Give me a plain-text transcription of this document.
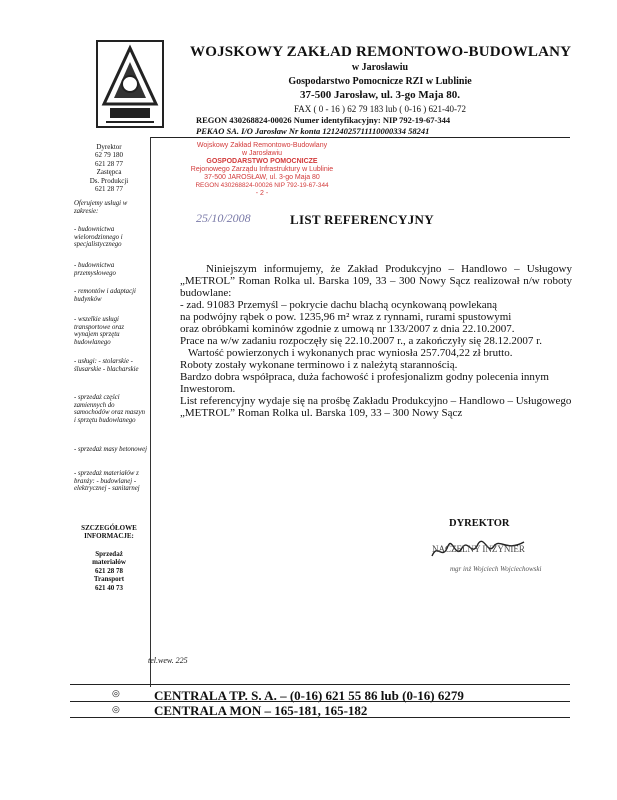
WOJSKOWY ZAKŁAD REMONTOWO-BUDOWLANY
w Jarosławiu
Gospodarstwo Pomocnicze RZI w Lublinie
37-500 Jarosław, ul. 3-go Maja 80.
FAX ( 0 - 16 ) 62 79 183 lub ( 0-16 ) 621-40-72
REGON 430268824-00026 Numer identyfikacyjny: NIP 792-19-67-344
PEKAO SA. I/O Jarosław Nr konta 12124025711110000334 58241
Dyrektor
62 79 180
621 28 77
Zastępca
Ds. Produkcji
621 28 77
Oferujemy usługi w zakresie:
- budownictwa wielorodzinnego i specjalistycznego
- budownictwa przemysłowego
- remontów i adaptacji budynków
- wszelkie usługi transportowe oraz wynajem sprzętu budowlanego
- usługi: - stolarskie - ślusarskie - blacharskie
- sprzedaż części zamiennych do samochodów oraz maszyn i sprzętu budowlanego
- sprzedaż masy betonowej
- sprzedaż materiałów z branży: - budowlanej - elektrycznej - sanitarnej
SZCZEGÓŁOWE INFORMACJE:
Sprzedaż
materiałów
621 28 78
Transport
621 40 73
Wojskowy Zakład Remontowo-Budowlany
w Jarosławiu
GOSPODARSTWO POMOCNICZE
Rejonowego Zarządu Infrastruktury w Lublinie
37-500 JAROSŁAW, ul. 3-go Maja 80
REGON 430268824-00026 NIP 792-19-67-344
- 2 -
25/10/2008	LIST REFERENCYJNY

Niniejszym informujemy, że Zakład Produkcyjno – Handlowo – Usługowy „METROL” Roman Rolka ul. Barska 109, 33 – 300 Nowy Sącz realizował n/w roboty budowlane:

- zad. 91083 Przemyśl – pokrycie dachu blachą ocynkowaną powlekaną

na podwójny rąbek o pow. 1235,96 m² wraz z rynnami, rurami spustowymi

oraz obróbkami kominów zgodnie z umową nr 133/2007 z dnia 22.10.2007.

Prace na w/w zadaniu rozpoczęły się 22.10.2007 r., a zakończyły się 28.12.2007 r.

Wartość powierzonych i wykonanych prac wyniosła 257.704,22 zł brutto.

Roboty zostały wykonane terminowo i z należytą starannością.

Bardzo dobra współpraca, duża fachowość i profesjonalizm godny polecenia innym Inwestorom.

List referencyjny wydaje się na prośbę Zakładu Produkcyjno – Handlowo – Usługowego „METROL” Roman Rolka ul. Barska 109, 33 – 300 Nowy Sącz

DYREKTOR
NACZELNY INŻYNIER
mgr inż Wojciech Wojciechowski
tel.wew. 225
◎	CENTRALA TP. S. A. – (0-16) 621 55 86 lub (0-16) 6279
◎	CENTRALA MON – 165-181, 165-182
